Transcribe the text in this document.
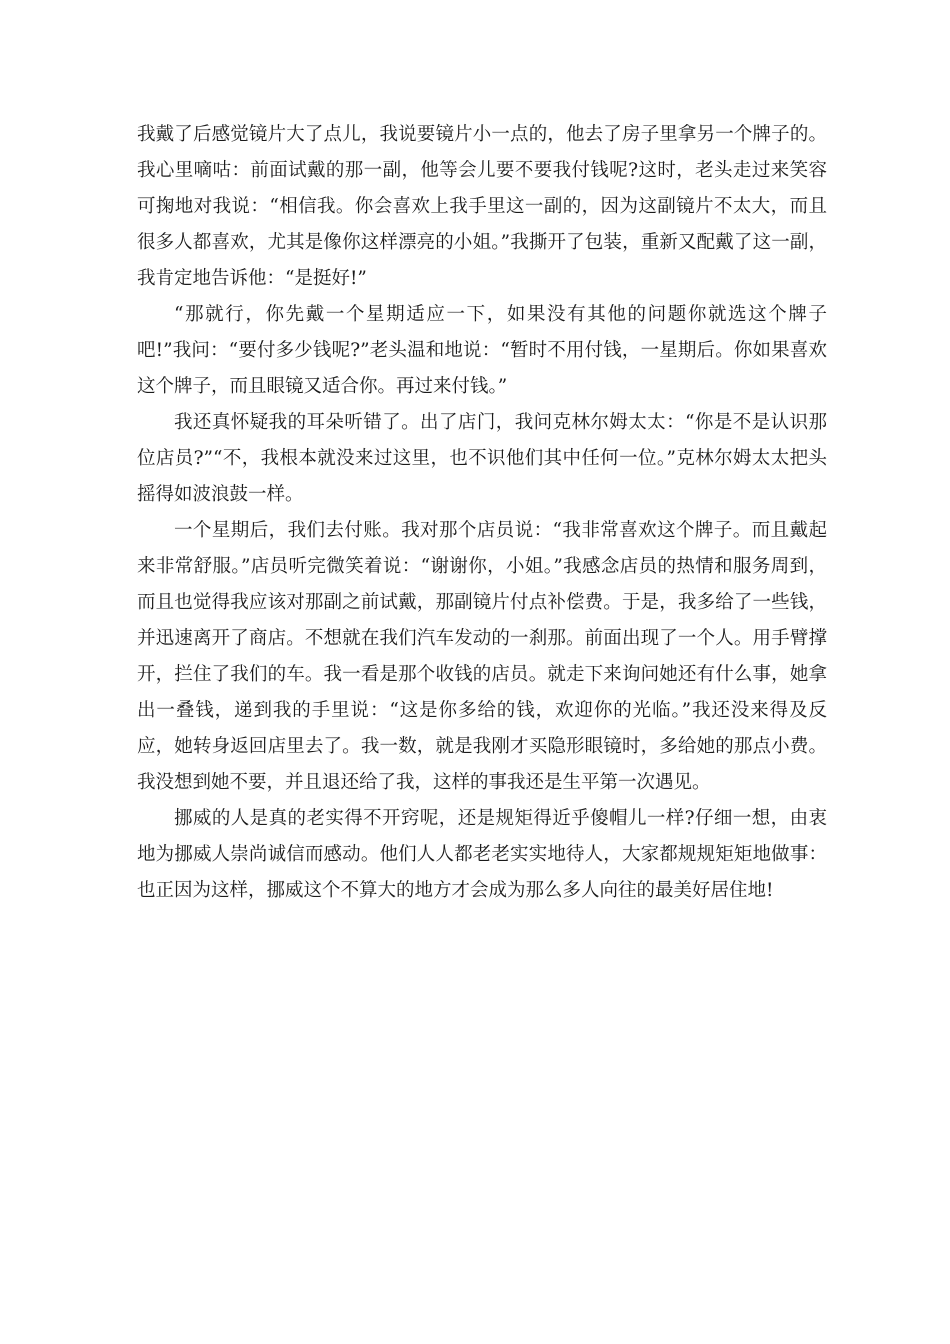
我戴了后感觉镜片大了点儿，我说要镜片小一点的，他去了房子里拿另一个牌子的。我心里嘀咕：前面试戴的那一副，他等会儿要不要我付钱呢?这时，老头走过来笑容可掬地对我说：“相信我。你会喜欢上我手里这一副的，因为这副镜片不太大，而且很多人都喜欢，尤其是像你这样漂亮的小姐。”我撕开了包装，重新又配戴了这一副，我肯定地告诉他：“是挺好!”

“那就行，你先戴一个星期适应一下，如果没有其他的问题你就选这个牌子吧!”我问：“要付多少钱呢?”老头温和地说：“暂时不用付钱，一星期后。你如果喜欢这个牌子，而且眼镜又适合你。再过来付钱。”

我还真怀疑我的耳朵听错了。出了店门，我问克林尔姆太太：“你是不是认识那位店员?”“不，我根本就没来过这里，也不识他们其中任何一位。”克林尔姆太太把头摇得如波浪鼓一样。

一个星期后，我们去付账。我对那个店员说：“我非常喜欢这个牌子。而且戴起来非常舒服。”店员听完微笑着说：“谢谢你，小姐。”我感念店员的热情和服务周到，而且也觉得我应该对那副之前试戴，那副镜片付点补偿费。于是，我多给了一些钱，并迅速离开了商店。不想就在我们汽车发动的一刹那。前面出现了一个人。用手臂撑开，拦住了我们的车。我一看是那个收钱的店员。就走下来询问她还有什么事，她拿出一叠钱，递到我的手里说：“这是你多给的钱，欢迎你的光临。”我还没来得及反应，她转身返回店里去了。我一数，就是我刚才买隐形眼镜时，多给她的那点小费。我没想到她不要，并且退还给了我，这样的事我还是生平第一次遇见。

挪威的人是真的老实得不开窍呢，还是规矩得近乎傻帽儿一样?仔细一想，由衷地为挪威人崇尚诚信而感动。他们人人都老老实实地待人，大家都规规矩矩地做事：也正因为这样，挪威这个不算大的地方才会成为那么多人向往的最美好居住地!
